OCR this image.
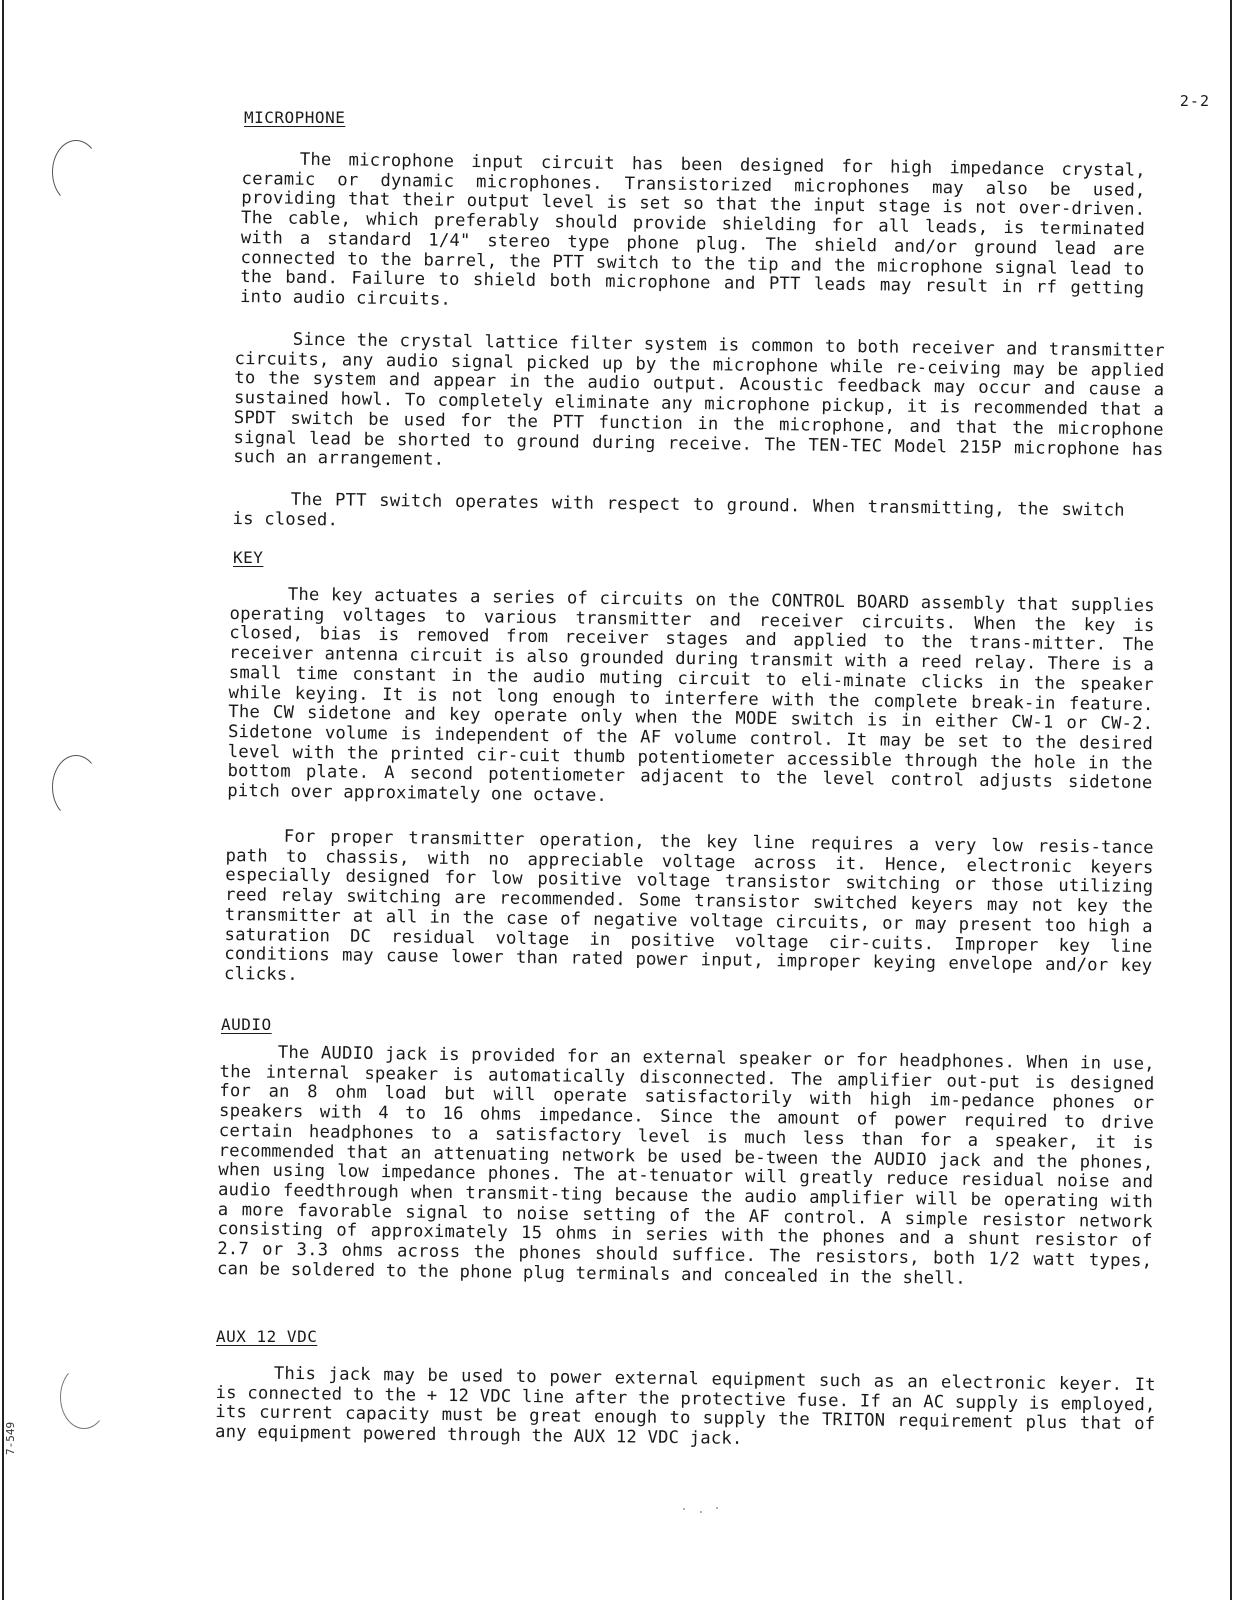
2-2
MICROPHONE

The microphone input circuit has been designed for high impedance crystal, ceramic or dynamic microphones. Transistorized microphones may also be used, providing that their output level is set so that the input stage is not over-driven. The cable, which preferably should provide shielding for all leads, is terminated with a standard 1/4" stereo type phone plug. The shield and/or ground lead are connected to the barrel, the PTT switch to the tip and the microphone signal lead to the band. Failure to shield both microphone and PTT leads may result in rf getting into audio circuits.

Since the crystal lattice filter system is common to both receiver and transmitter circuits, any audio signal picked up by the microphone while re-ceiving may be applied to the system and appear in the audio output. Acoustic feedback may occur and cause a sustained howl. To completely eliminate any microphone pickup, it is recommended that a SPDT switch be used for the PTT function in the microphone, and that the microphone signal lead be shorted to ground during receive. The TEN-TEC Model 215P microphone has such an arrangement.

The PTT switch operates with respect to ground. When transmitting, the switch is closed.

KEY

The key actuates a series of circuits on the CONTROL BOARD assembly that supplies operating voltages to various transmitter and receiver circuits. When the key is closed, bias is removed from receiver stages and applied to the trans-mitter. The receiver antenna circuit is also grounded during transmit with a reed relay. There is a small time constant in the audio muting circuit to eli-minate clicks in the speaker while keying. It is not long enough to interfere with the complete break-in feature. The CW sidetone and key operate only when the MODE switch is in either CW-1 or CW-2. Sidetone volume is independent of the AF volume control. It may be set to the desired level with the printed cir-cuit thumb potentiometer accessible through the hole in the bottom plate. A second potentiometer adjacent to the level control adjusts sidetone pitch over approximately one octave.

For proper transmitter operation, the key line requires a very low resis-tance path to chassis, with no appreciable voltage across it. Hence, electronic keyers especially designed for low positive voltage transistor switching or those utilizing reed relay switching are recommended. Some transistor switched keyers may not key the transmitter at all in the case of negative voltage circuits, or may present too high a saturation DC residual voltage in positive voltage cir-cuits. Improper key line conditions may cause lower than rated power input, improper keying envelope and/or key clicks.

AUDIO

The AUDIO jack is provided for an external speaker or for headphones. When in use, the internal speaker is automatically disconnected. The amplifier out-put is designed for an 8 ohm load but will operate satisfactorily with high im-pedance phones or speakers with 4 to 16 ohms impedance. Since the amount of power required to drive certain headphones to a satisfactory level is much less than for a speaker, it is recommended that an attenuating network be used be-tween the AUDIO jack and the phones, when using low impedance phones. The at-tenuator will greatly reduce residual noise and audio feedthrough when transmit-ting because the audio amplifier will be operating with a more favorable signal to noise setting of the AF control. A simple resistor network consisting of approximately 15 ohms in series with the phones and a shunt resistor of 2.7 or 3.3 ohms across the phones should suffice. The resistors, both 1/2 watt types, can be soldered to the phone plug terminals and concealed in the shell.

AUX 12 VDC

This jack may be used to power external equipment such as an electronic keyer. It is connected to the + 12 VDC line after the protective fuse. If an AC supply is employed, its current capacity must be great enough to supply the TRITON requirement plus that of any equipment powered through the AUX 12 VDC jack.

7-549
